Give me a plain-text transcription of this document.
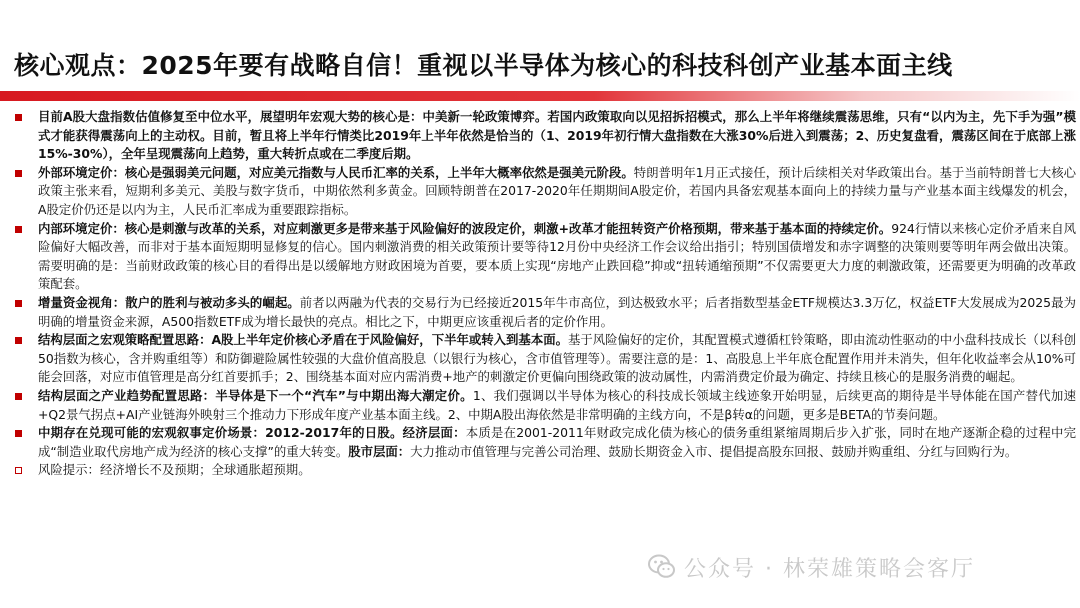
核心观点：2025年要有战略自信！重视以半导体为核心的科技科创产业基本面主线
目前A股大盘指数估值修复至中位水平，展望明年宏观大势的核心是：中美新一轮政策博弈。若国内政策取向以见招拆招模式，那么上半年将继续震荡思维，只有“以内为主，先下手为强”模式才能获得震荡向上的主动权。目前，暂且将上半年行情类比2019年上半年依然是恰当的（1、2019年初行情大盘指数在大涨30%后进入到震荡；2、历史复盘看，震荡区间在于底部上涨15%-30%），全年呈现震荡向上趋势，重大转折点或在二季度后期。
外部环境定价：核心是强弱美元问题，对应美元指数与人民币汇率的关系，上半年大概率依然是强美元阶段。特朗普明年1月正式接任，预计后续相关对华政策出台。基于当前特朗普七大核心政策主张来看，短期利多美元、美股与数字货币，中期依然利多黄金。回顾特朗普在2017-2020年任期期间A股定价，若国内具备宏观基本面向上的持续力量与产业基本面主线爆发的机会，A股定价仍还是以内为主，人民币汇率成为重要跟踪指标。
内部环境定价：核心是刺激与改革的关系，对应刺激更多是带来基于风险偏好的波段定价，刺激+改革才能扭转资产价格预期，带来基于基本面的持续定价。924行情以来核心定价矛盾来自风险偏好大幅改善，而非对于基本面短期明显修复的信心。国内刺激消费的相关政策预计要等待12月份中央经济工作会议给出指引；特别国债增发和赤字调整的决策则要等明年两会做出决策。需要明确的是：当前财政政策的核心目的看得出是以缓解地方财政困境为首要，要本质上实现“房地产止跌回稳”抑或“扭转通缩预期”不仅需要更大力度的刺激政策，还需要更为明确的改革政策配套。
增量资金视角：散户的胜利与被动多头的崛起。前者以两融为代表的交易行为已经接近2015年牛市高位，到达极致水平；后者指数型基金ETF规模达3.3万亿，权益ETF大发展成为2025最为明确的增量资金来源，A500指数ETF成为增长最快的亮点。相比之下，中期更应该重视后者的定价作用。
结构层面之宏观策略配置思路：A股上半年定价核心矛盾在于风险偏好，下半年或转入到基本面。基于风险偏好的定价，其配置模式遵循杠铃策略，即由流动性驱动的中小盘科技成长（以科创50指数为核心，含并购重组等）和防御避险属性较强的大盘价值高股息（以银行为核心，含市值管理等）。需要注意的是：1、高股息上半年底仓配置作用并未消失，但年化收益率会从10%可能会回落，对应市值管理是高分红首要抓手；2、围绕基本面对应内需消费+地产的刺激定价更偏向围绕政策的波动属性，内需消费定价最为确定、持续且核心的是服务消费的崛起。
结构层面之产业趋势配置思路：半导体是下一个“汽车”与中期出海大潮定价。1、我们强调以半导体为核心的科技成长领域主线迹象开始明显，后续更高的期待是半导体能在国产替代加速+Q2景气拐点+AI产业链海外映射三个推动力下形成年度产业基本面主线。2、中期A股出海依然是非常明确的主线方向，不是β转α的问题，更多是BETA的节奏问题。
中期存在兑现可能的宏观叙事定价场景：2012-2017年的日股。经济层面：本质是在2001-2011年财政完成化债为核心的债务重组紧缩周期后步入扩张，同时在地产逐渐企稳的过程中完成“制造业取代房地产成为经济的核心支撑”的重大转变。股市层面：大力推动市值管理与完善公司治理、鼓励长期资金入市、提倡提高股东回报、鼓励并购重组、分红与回购行为。
风险提示：经济增长不及预期；全球通胀超预期。
公众号 · 林荣雄策略会客厅
